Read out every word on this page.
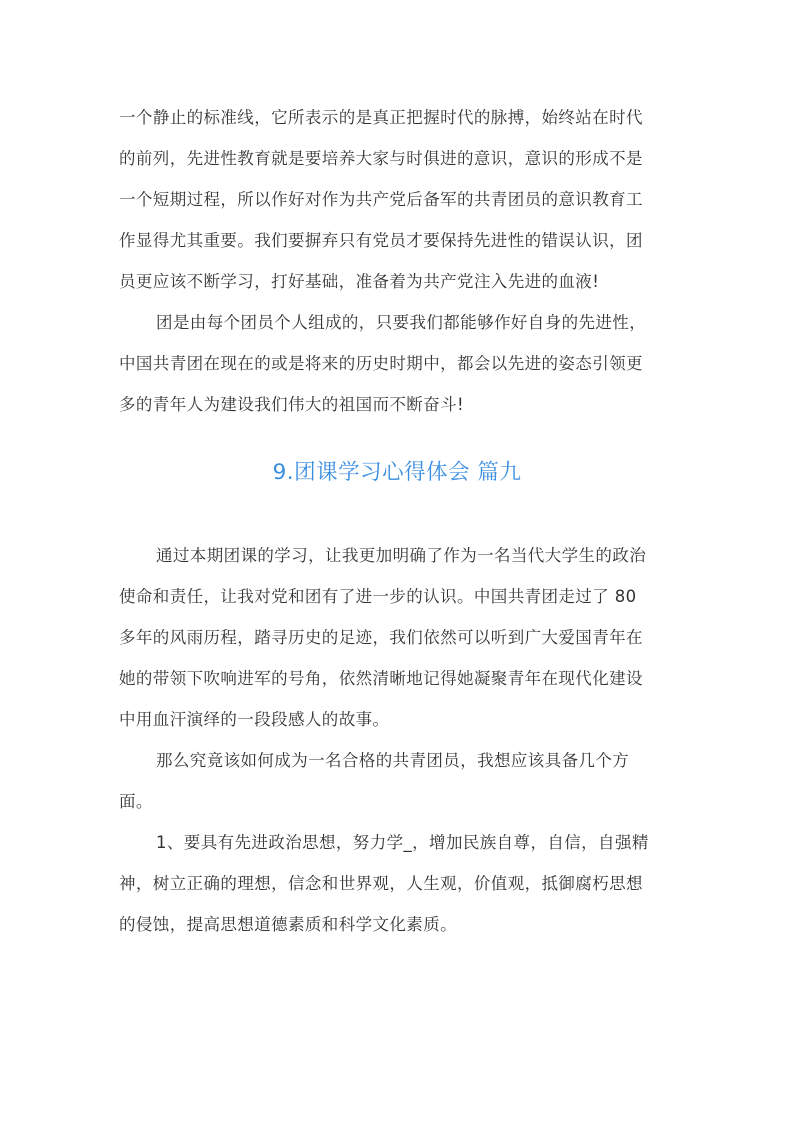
一个静止的标准线，它所表示的是真正把握时代的脉搏，始终站在时代
的前列，先进性教育就是要培养大家与时俱进的意识，意识的形成不是
一个短期过程，所以作好对作为共产党后备军的共青团员的意识教育工
作显得尤其重要。我们要摒弃只有党员才要保持先进性的错误认识，团
员更应该不断学习，打好基础，准备着为共产党注入先进的血液!
团是由每个团员个人组成的，只要我们都能够作好自身的先进性，
中国共青团在现在的或是将来的历史时期中，都会以先进的姿态引领更
多的青年人为建设我们伟大的祖国而不断奋斗!
9.团课学习心得体会 篇九
通过本期团课的学习，让我更加明确了作为一名当代大学生的政治
使命和责任，让我对党和团有了进一步的认识。中国共青团走过了 80
多年的风雨历程，踏寻历史的足迹，我们依然可以听到广大爱国青年在
她的带领下吹响进军的号角，依然清晰地记得她凝聚青年在现代化建设
中用血汗演绎的一段段感人的故事。
那么究竟该如何成为一名合格的共青团员，我想应该具备几个方
面。
1、要具有先进政治思想，努力学_，增加民族自尊，自信，自强精
神，树立正确的理想，信念和世界观，人生观，价值观，抵御腐朽思想
的侵蚀，提高思想道德素质和科学文化素质。
